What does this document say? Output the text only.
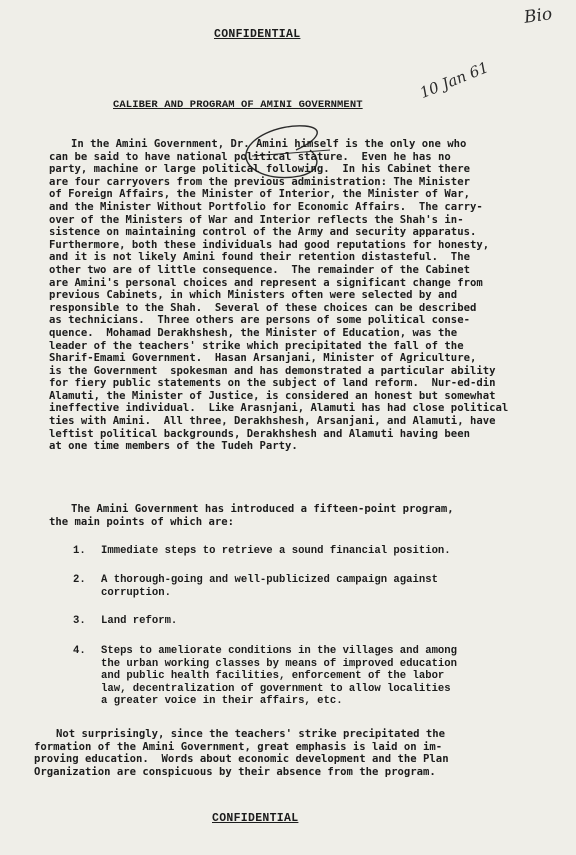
CONFIDENTIAL
Bio
10 Jan 61
CALIBER AND PROGRAM OF AMINI GOVERNMENT
In the Amini Government, Dr. Amini himself is the only one who
can be said to have national political stature.  Even he has no
party, machine or large political following.  In his Cabinet there
are four carryovers from the previous administration: The Minister
of Foreign Affairs, the Minister of Interior, the Minister of War,
and the Minister Without Portfolio for Economic Affairs.  The carry-
over of the Ministers of War and Interior reflects the Shah's in-
sistence on maintaining control of the Army and security apparatus.
Furthermore, both these individuals had good reputations for honesty,
and it is not likely Amini found their retention distasteful.  The
other two are of little consequence.  The remainder of the Cabinet
are Amini's personal choices and represent a significant change from
previous Cabinets, in which Ministers often were selected by and
responsible to the Shah.  Several of these choices can be described
as technicians.  Three others are persons of some political conse-
quence.  Mohamad Derakhshesh, the Minister of Education, was the
leader of the teachers' strike which precipitated the fall of the
Sharif-Emami Government.  Hasan Arsanjani, Minister of Agriculture,
is the Government  spokesman and has demonstrated a particular ability
for fiery public statements on the subject of land reform.  Nur-ed-din
Alamuti, the Minister of Justice, is considered an honest but somewhat
ineffective individual.  Like Arasnjani, Alamuti has had close political
ties with Amini.  All three, Derakhshesh, Arsanjani, and Alamuti, have
leftist political backgrounds, Derakhshesh and Alamuti having been
at one time members of the Tudeh Party.
The Amini Government has introduced a fifteen-point program,
the main points of which are:
1. Immediate steps to retrieve a sound financial position.
2. A thorough-going and well-publicized campaign against
corruption.
3. Land reform.
4. Steps to ameliorate conditions in the villages and among
the urban working classes by means of improved education
and public health facilities, enforcement of the labor
law, decentralization of government to allow localities
a greater voice in their affairs, etc.
Not surprisingly, since the teachers' strike precipitated the
formation of the Amini Government, great emphasis is laid on im-
proving education.  Words about economic development and the Plan
Organization are conspicuous by their absence from the program.
CONFIDENTIAL
